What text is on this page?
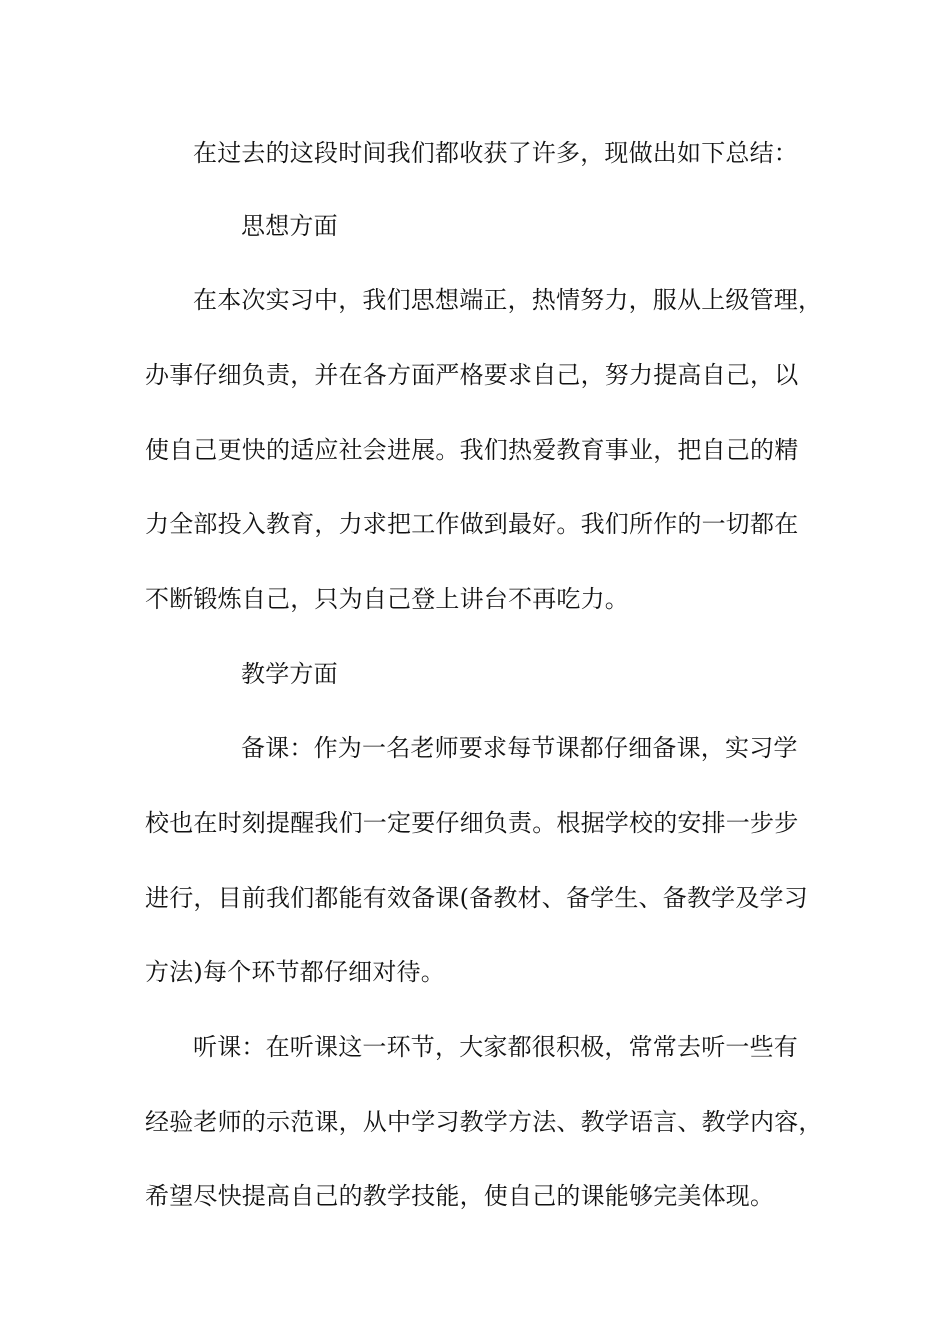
在过去的这段时间我们都收获了许多，现做出如下总结：
思想方面
在本次实习中，我们思想端正，热情努力，服从上级管理，
办事仔细负责，并在各方面严格要求自己，努力提高自己，以
使自己更快的适应社会进展。我们热爱教育事业，把自己的精
力全部投入教育，力求把工作做到最好。我们所作的一切都在
不断锻炼自己，只为自己登上讲台不再吃力。
教学方面
备课：作为一名老师要求每节课都仔细备课，实习学
校也在时刻提醒我们一定要仔细负责。根据学校的安排一步步
进行，目前我们都能有效备课(备教材、备学生、备教学及学习
方法)每个环节都仔细对待。
听课：在听课这一环节，大家都很积极，常常去听一些有
经验老师的示范课，从中学习教学方法、教学语言、教学内容，
希望尽快提高自己的教学技能，使自己的课能够完美体现。
